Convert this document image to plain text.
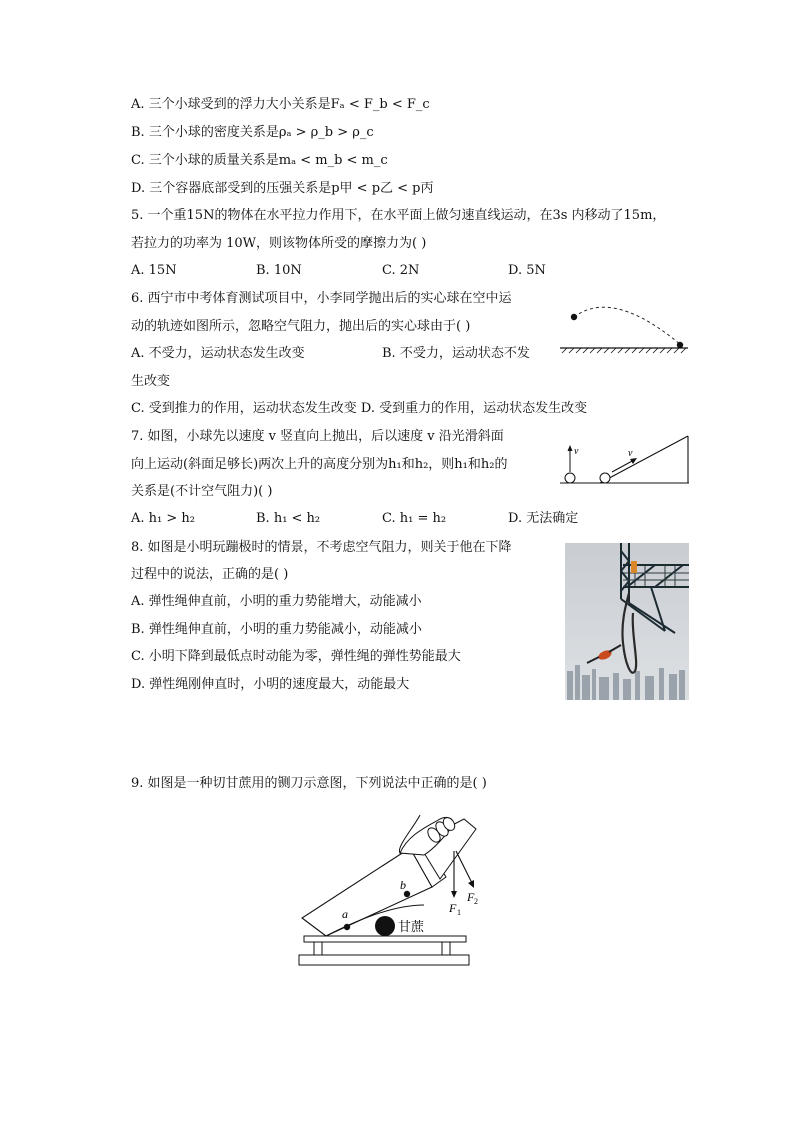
A. 三个小球受到的浮力大小关系是Fₐ < F_b < F_c
B. 三个小球的密度关系是ρₐ > ρ_b > ρ_c
C. 三个小球的质量关系是mₐ < m_b < m_c
D. 三个容器底部受到的压强关系是p甲 < p乙 < p丙
5. 一个重15N的物体在水平拉力作用下，在水平面上做匀速直线运动，在3s 内移动了15m，
若拉力的功率为 10W，则该物体所受的摩擦力为( )
A. 15N	B. 10N	C. 2N	D. 5N
6. 西宁市中考体育测试项目中，小李同学抛出后的实心球在空中运
动的轨迹如图所示，忽略空气阻力，抛出后的实心球由于( )
A. 不受力，运动状态发生改变	B. 不受力，运动状态不发
生改变
C. 受到推力的作用，运动状态发生改变 D. 受到重力的作用，运动状态发生改变
7. 如图，小球先以速度 v 竖直向上抛出，后以速度 v 沿光滑斜面
向上运动(斜面足够长)两次上升的高度分别为h₁和h₂，则h₁和h₂的
关系是(不计空气阻力)( )
A. h₁ > h₂	B. h₁ < h₂	C. h₁ = h₂	D. 无法确定
v	v
8. 如图是小明玩蹦极时的情景，不考虑空气阻力，则关于他在下降
过程中的说法，正确的是( )
A. 弹性绳伸直前，小明的重力势能增大，动能减小
B. 弹性绳伸直前，小明的重力势能减小，动能减小
C. 小明下降到最低点时动能为零，弹性绳的弹性势能最大
D. 弹性绳刚伸直时，小明的速度最大，动能最大
9. 如图是一种切甘蔗用的铡刀示意图，下列说法中正确的是( )
甘蔗
a
b
F 1
F 2
